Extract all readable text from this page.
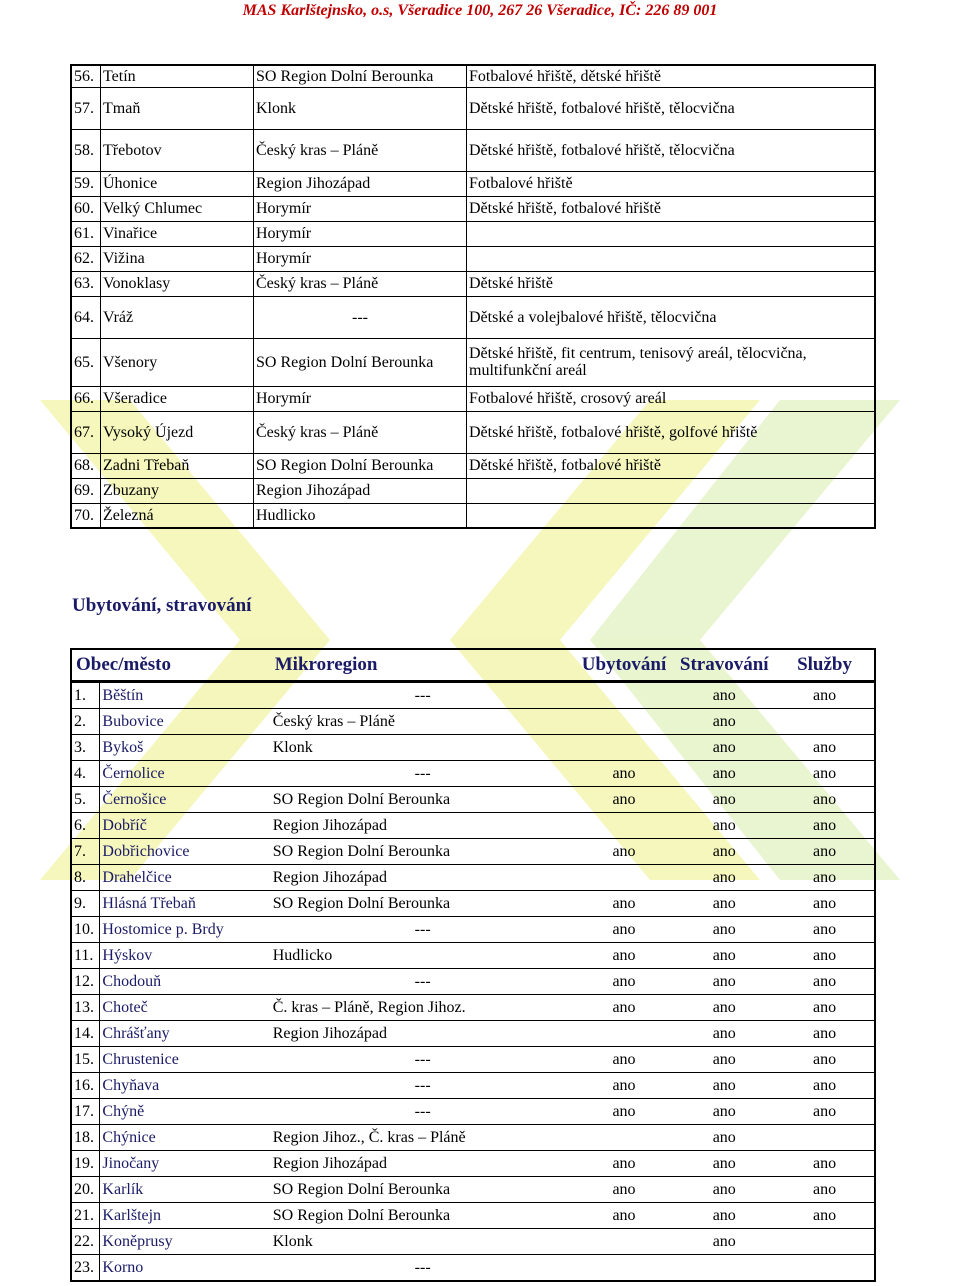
MAS Karlštejnsko, o.s, Všeradice 100, 267 26 Všeradice, IČ: 226 89 001
56.	Tetín	SO Region Dolní Berounka	Fotbalové hřiště, dětské hřiště
57.	Tmaň	Klonk	Dětské hřiště, fotbalové hřiště, tělocvična
58.	Třebotov	Český kras – Pláně	Dětské hřiště, fotbalové hřiště, tělocvična
59.	Úhonice	Region Jihozápad	Fotbalové hřiště
60.	Velký Chlumec	Horymír	Dětské hřiště, fotbalové hřiště
61.	Vinařice	Horymír	
62.	Vižina	Horymír	
63.	Vonoklasy	Český kras – Pláně	Dětské hřiště
64.	Vráž	---	Dětské a volejbalové hřiště, tělocvična
65.	Všenory	SO Region Dolní Berounka	Dětské hřiště, fit centrum, tenisový areál, tělocvična, multifunkční areál
66.	Všeradice	Horymír	Fotbalové hřiště, crosový areál
67.	Vysoký Újezd	Český kras – Pláně	Dětské hřiště, fotbalové hřiště, golfové hřiště
68.	Zadni Třebaň	SO Region Dolní Berounka	Dětské hřiště, fotbalové hřiště
69.	Zbuzany	Region Jihozápad	
70.	Železná	Hudlicko	
Ubytování, stravování
Obec/město		Mikroregion	Ubytování	Stravování	Služby
1.	Běštín	---		ano	ano
2.	Bubovice	Český kras – Pláně		ano	
3.	Bykoš	Klonk		ano	ano
4.	Černolice	---	ano	ano	ano
5.	Černošice	SO Region Dolní Berounka	ano	ano	ano
6.	Dobříč	Region Jihozápad		ano	ano
7.	Dobřichovice	SO Region Dolní Berounka	ano	ano	ano
8.	Drahelčice	Region Jihozápad		ano	ano
9.	Hlásná Třebaň	SO Region Dolní Berounka	ano	ano	ano
10.	Hostomice p. Brdy	---	ano	ano	ano
11.	Hýskov	Hudlicko	ano	ano	ano
12.	Chodouň	---	ano	ano	ano
13.	Choteč	Č. kras – Pláně, Region Jihoz.	ano	ano	ano
14.	Chrášťany	Region Jihozápad		ano	ano
15.	Chrustenice	---	ano	ano	ano
16.	Chyňava	---	ano	ano	ano
17.	Chýně	---	ano	ano	ano
18.	Chýnice	Region Jihoz., Č. kras – Pláně		ano	
19.	Jinočany	Region Jihozápad	ano	ano	ano
20.	Karlík	SO Region Dolní Berounka	ano	ano	ano
21.	Karlštejn	SO Region Dolní Berounka	ano	ano	ano
22.	Koněprusy	Klonk		ano	
23.	Korno	---			
